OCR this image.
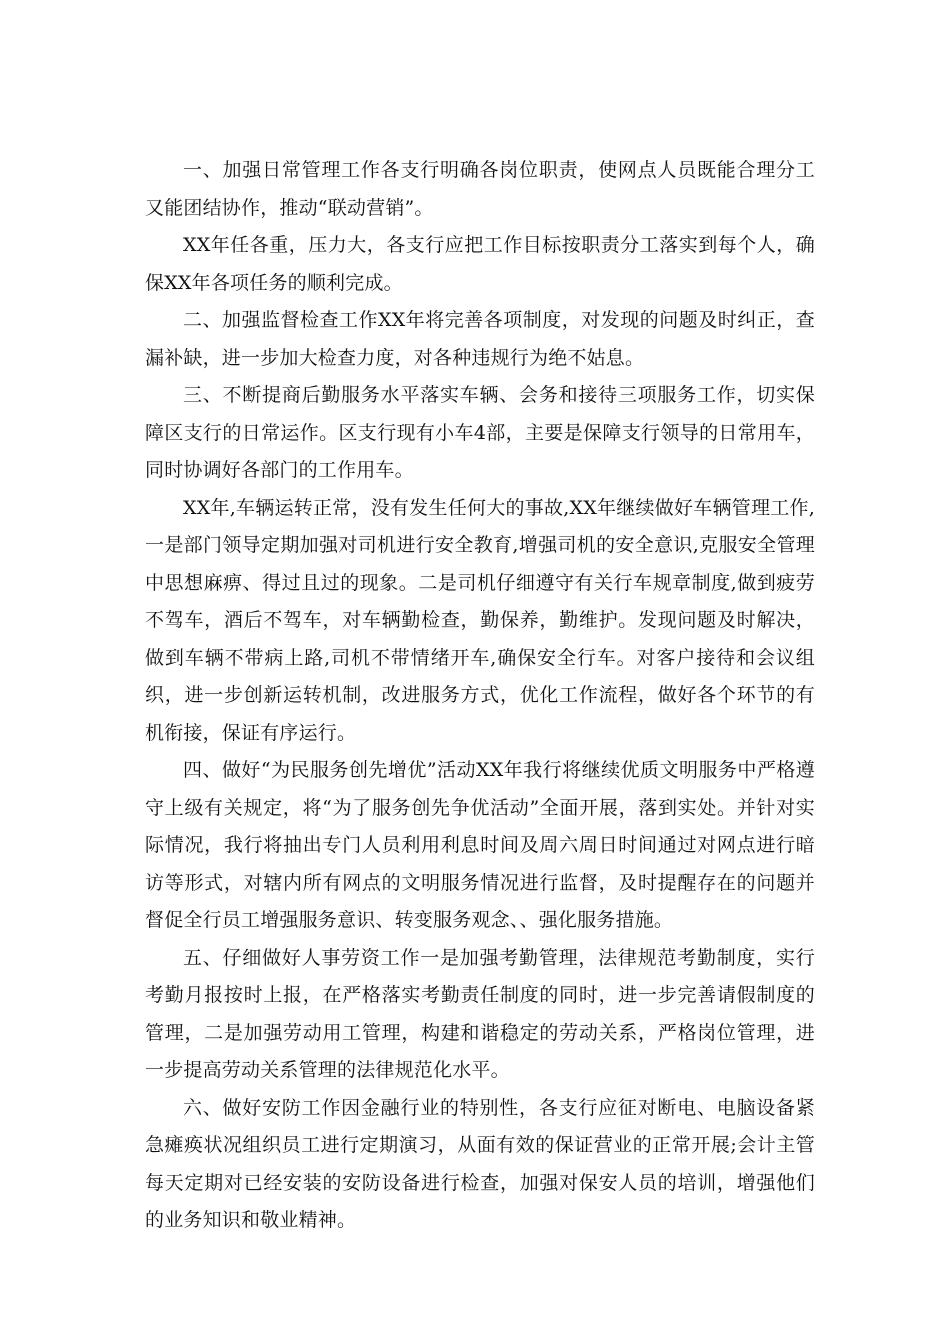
一、加强日常管理工作各支行明确各岗位职责，使网点人员既能合理分工又能团结协作，推动“联动营销”。

XX年任各重，压力大，各支行应把工作目标按职责分工落实到每个人，确保XX年各项任务的顺利完成。

二、加强监督检查工作XX年将完善各项制度，对发现的问题及时纠正，查漏补缺，进一步加大检查力度，对各种违规行为绝不姑息。

三、不断提商后勤服务水平落实车辆、会务和接待三项服务工作，切实保障区支行的日常运作。区支行现有小车4部，主要是保障支行领导的日常用车，同时协调好各部门的工作用车。

XX年,车辆运转正常，没有发生任何大的事故,XX年继续做好车辆管理工作,一是部门领导定期加强对司机进行安全教育,增强司机的安全意识,克服安全管理中思想麻痹、得过且过的现象。二是司机仔细遵守有关行车规章制度,做到疲劳不驾车，酒后不驾车，对车辆勤检查，勤保养，勤维护。发现问题及时解决，做到车辆不带病上路,司机不带情绪开车,确保安全行车。对客户接待和会议组织，进一步创新运转机制，改进服务方式，优化工作流程，做好各个环节的有机衔接，保证有序运行。

四、做好“为民服务创先增优”活动XX年我行将继续优质文明服务中严格遵守上级有关规定，将“为了服务创先争优活动”全面开展，落到实处。并针对实际情况，我行将抽出专门人员利用利息时间及周六周日时间通过对网点进行暗访等形式，对辖内所有网点的文明服务情况进行监督，及时提醒存在的问题并督促全行员工增强服务意识、转变服务观念、、强化服务措施。

五、仔细做好人事劳资工作一是加强考勤管理，法律规范考勤制度，实行考勤月报按时上报，在严格落实考勤责任制度的同时，进一步完善请假制度的管理，二是加强劳动用工管理，构建和谐稳定的劳动关系，严格岗位管理，进一步提高劳动关系管理的法律规范化水平。

六、做好安防工作因金融行业的特别性，各支行应征对断电、电脑设备紧急瘫痪状况组织员工进行定期演习，从面有效的保证营业的正常开展;会计主管每天定期对已经安装的安防设备进行检查，加强对保安人员的培训，增强他们的业务知识和敬业精神。
